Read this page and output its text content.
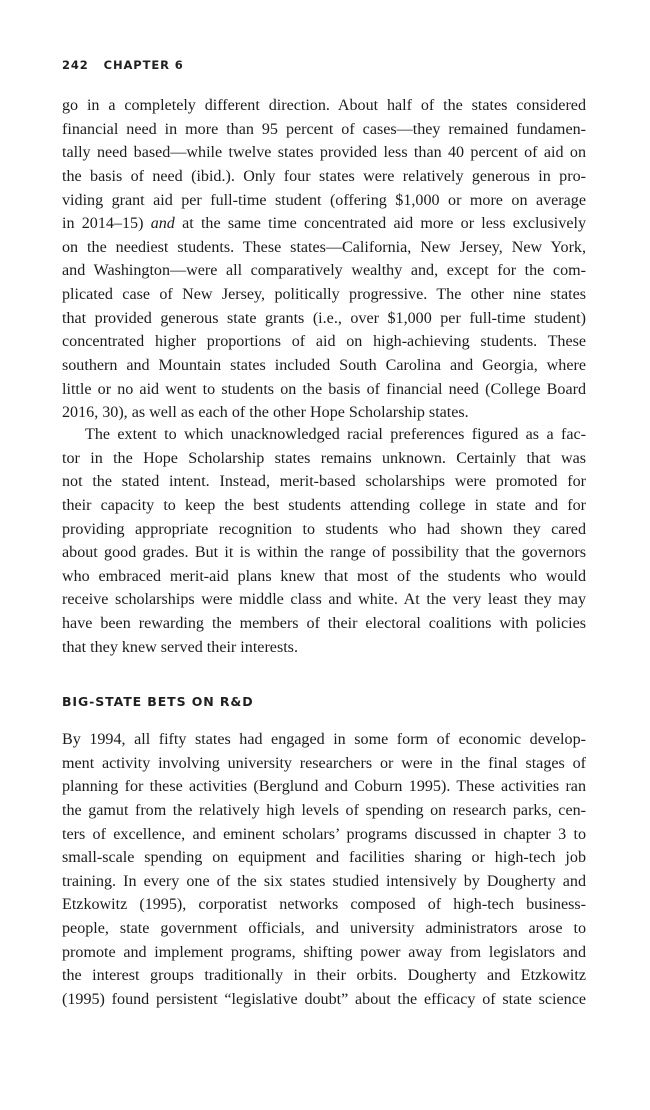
242 CHAPTER 6
go in a completely different direction. About half of the states considered
financial need in more than 95 percent of cases—they remained fundamen-
tally need based—while twelve states provided less than 40 percent of aid on
the basis of need (ibid.). Only four states were relatively generous in pro-
viding grant aid per full-time student (offering $1,000 or more on average
in 2014–15) and at the same time concentrated aid more or less exclusively
on the neediest students. These states—California, New Jersey, New York,
and Washington—were all comparatively wealthy and, except for the com-
plicated case of New Jersey, politically progressive. The other nine states
that provided generous state grants (i.e., over $1,000 per full-time student)
concentrated higher proportions of aid on high-achieving students. These
southern and Mountain states included South Carolina and Georgia, where
little or no aid went to students on the basis of financial need (College Board
2016, 30), as well as each of the other Hope Scholarship states.
The extent to which unacknowledged racial preferences figured as a fac-
tor in the Hope Scholarship states remains unknown. Certainly that was
not the stated intent. Instead, merit-based scholarships were promoted for
their capacity to keep the best students attending college in state and for
providing appropriate recognition to students who had shown they cared
about good grades. But it is within the range of possibility that the governors
who embraced merit-aid plans knew that most of the students who would
receive scholarships were middle class and white. At the very least they may
have been rewarding the members of their electoral coalitions with policies
that they knew served their interests.
BIG-STATE BETS ON R&D
By 1994, all fifty states had engaged in some form of economic develop-
ment activity involving university researchers or were in the final stages of
planning for these activities (Berglund and Coburn 1995). These activities ran
the gamut from the relatively high levels of spending on research parks, cen-
ters of excellence, and eminent scholars’ programs discussed in chapter 3 to
small-scale spending on equipment and facilities sharing or high-tech job
training. In every one of the six states studied intensively by Dougherty and
Etzkowitz (1995), corporatist networks composed of high-tech business-
people, state government officials, and university administrators arose to
promote and implement programs, shifting power away from legislators and
the interest groups traditionally in their orbits. Dougherty and Etzkowitz
(1995) found persistent “legislative doubt” about the efficacy of state science
